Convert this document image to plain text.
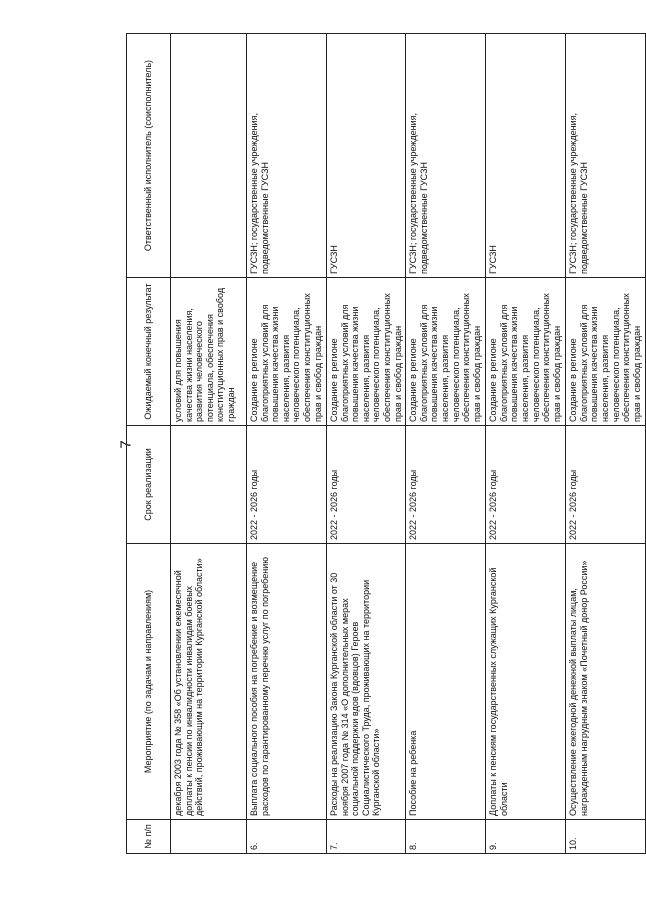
7
№ п/п	Мероприятие (по задачам и направлениям)	Срок реализации	Ожидаемый конечный результат	Ответственный исполнитель (соисполнитель)
	декабря 2003 года № 358 «Об установлении ежемесячной доплаты к пенсии по инвалидности инвалидам боевых действий, проживающим на территории Курганской области»		условий для повышения качества жизни населения, развития человеческого потенциала, обеспечения конституционных прав и свобод граждан	
6.	Выплата социального пособия на погребение и возмещение расходов по гарантированному перечню услуг по погребению	2022 - 2026 годы	Создание в регионе благоприятных условий для повышения качества жизни населения, развития человеческого потенциала, обеспечения конституционных прав и свобод граждан	ГУСЗН; государственные учреждения, подведомственные ГУСЗН
7.	Расходы на реализацию Закона Курганской области от 30 ноября 2007 года № 314 «О дополнительных мерах социальной поддержки вдов (вдовцов) Героев Социалистического Труда, проживающих на территории Курганской области»	2022 - 2026 годы	Создание в регионе благоприятных условий для повышения качества жизни населения, развития человеческого потенциала, обеспечения конституционных прав и свобод граждан	ГУСЗН
8.	Пособие на ребенка	2022 - 2026 годы	Создание в регионе благоприятных условий для повышения качества жизни населения, развития человеческого потенциала, обеспечения конституционных прав и свобод граждан	ГУСЗН; государственные учреждения, подведомственные ГУСЗН
9.	Доплаты к пенсиям государственных служащих Курганской области	2022 - 2026 годы	Создание в регионе благоприятных условий для повышения качества жизни населения, развития человеческого потенциала, обеспечения конституционных прав и свобод граждан	ГУСЗН
10.	Осуществление ежегодной денежной выплаты лицам, награжденным нагрудным знаком «Почетный донор России»	2022 - 2026 годы	Создание в регионе благоприятных условий для повышения качества жизни населения, развития человеческого потенциала, обеспечения конституционных прав и свобод граждан	ГУСЗН; государственные учреждения, подведомственные ГУСЗН
